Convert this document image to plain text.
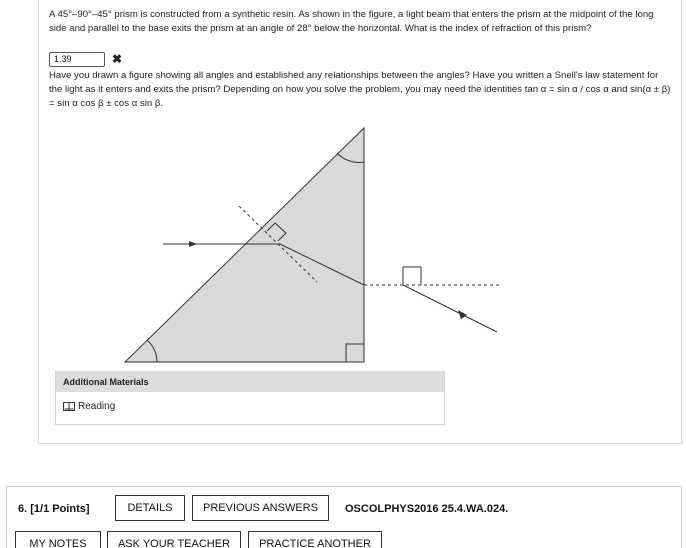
A 45°–90°–45° prism is constructed from a synthetic resin. As shown in the figure, a light beam that enters the prism at the midpoint of the long side and parallel to the base exits the prism at an angle of 28° below the horizontal. What is the index of refraction of this prism?
1.39
✖
Have you drawn a figure showing all angles and established any relationships between the angles? Have you written a Snell's law statement for the light as it enters and exits the prism? Depending on how you solve the problem, you may need the identities tan α = sin α / cos α and sin(α ± β) = sin α cos β ± cos α sin β.
Additional Materials
Reading
6. [1/1 Points]	DETAILS	PREVIOUS ANSWERS	OSCOLPHYS2016 25.4.WA.024.
MY NOTES	ASK YOUR TEACHER	PRACTICE ANOTHER
